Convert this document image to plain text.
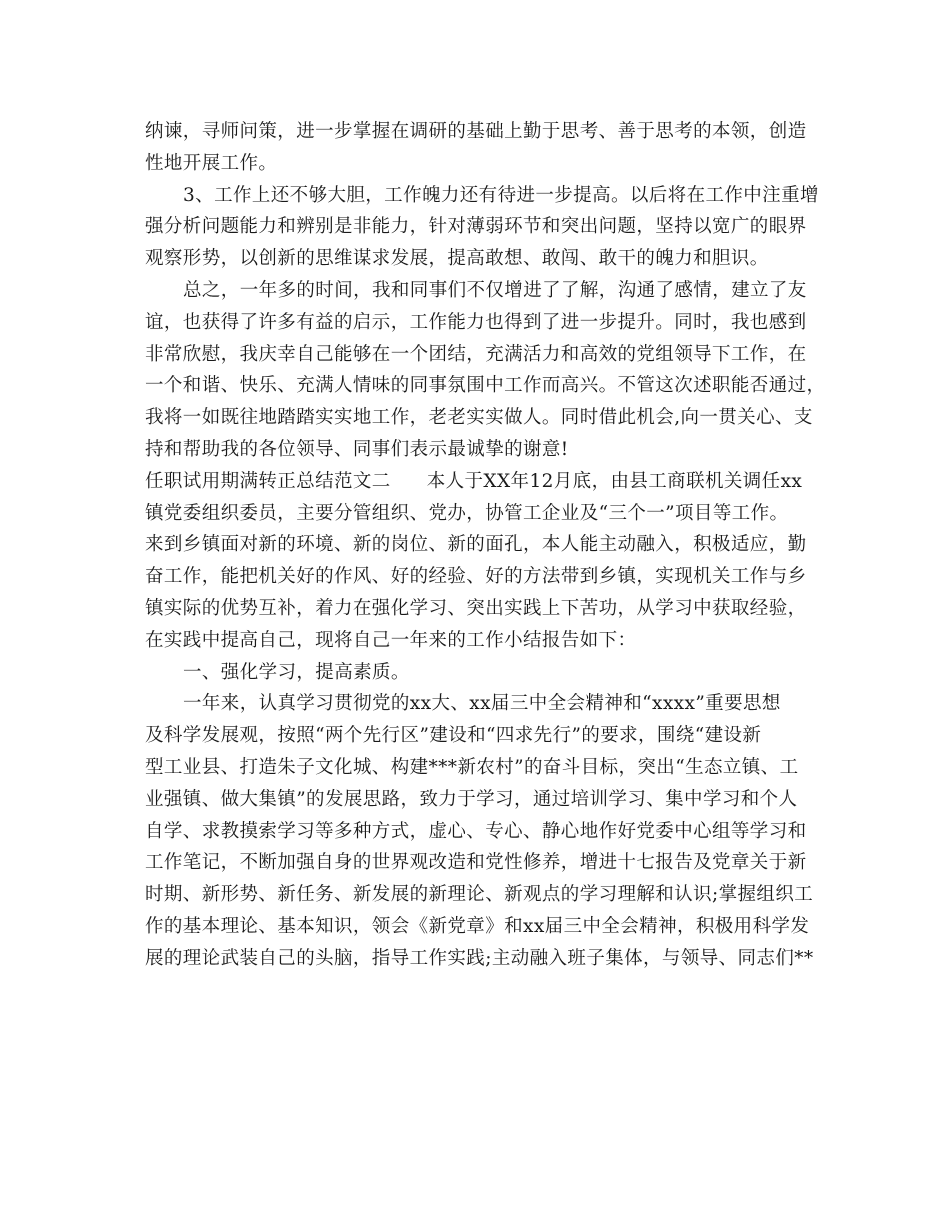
纳谏，寻师问策，进一步掌握在调研的基础上勤于思考、善于思考的本领，创造
性地开展工作。
3、工作上还不够大胆，工作魄力还有待进一步提高。以后将在工作中注重增
强分析问题能力和辨别是非能力，针对薄弱环节和突出问题，坚持以宽广的眼界
观察形势，以创新的思维谋求发展，提高敢想、敢闯、敢干的魄力和胆识。
总之，一年多的时间，我和同事们不仅增进了了解，沟通了感情，建立了友
谊，也获得了许多有益的启示，工作能力也得到了进一步提升。同时，我也感到
非常欣慰，我庆幸自己能够在一个团结，充满活力和高效的党组领导下工作，在
一个和谐、快乐、充满人情味的同事氛围中工作而高兴。不管这次述职能否通过，
我将一如既往地踏踏实实地工作，老老实实做人。同时借此机会,向一贯关心、支
持和帮助我的各位领导、同事们表示最诚挚的谢意!
任职试用期满转正总结范文二 本人于XX年12月底，由县工商联机关调任xx
镇党委组织委员，主要分管组织、党办，协管工企业及“三个一”项目等工作。
来到乡镇面对新的环境、新的岗位、新的面孔，本人能主动融入，积极适应，勤
奋工作，能把机关好的作风、好的经验、好的方法带到乡镇，实现机关工作与乡
镇实际的优势互补，着力在强化学习、突出实践上下苦功，从学习中获取经验，
在实践中提高自己，现将自己一年来的工作小结报告如下：
一、强化学习，提高素质。
一年来，认真学习贯彻党的xx大、xx届三中全会精神和“xxxx”重要思想
及科学发展观，按照“两个先行区”建设和“四求先行”的要求，围绕“建设新
型工业县、打造朱子文化城、构建***新农村”的奋斗目标，突出“生态立镇、工
业强镇、做大集镇”的发展思路，致力于学习，通过培训学习、集中学习和个人
自学、求教摸索学习等多种方式，虚心、专心、静心地作好党委中心组等学习和
工作笔记，不断加强自身的世界观改造和党性修养，增进十七报告及党章关于新
时期、新形势、新任务、新发展的新理论、新观点的学习理解和认识;掌握组织工
作的基本理论、基本知识，领会《新党章》和xx届三中全会精神，积极用科学发
展的理论武装自己的头脑，指导工作实践;主动融入班子集体，与领导、同志们**
